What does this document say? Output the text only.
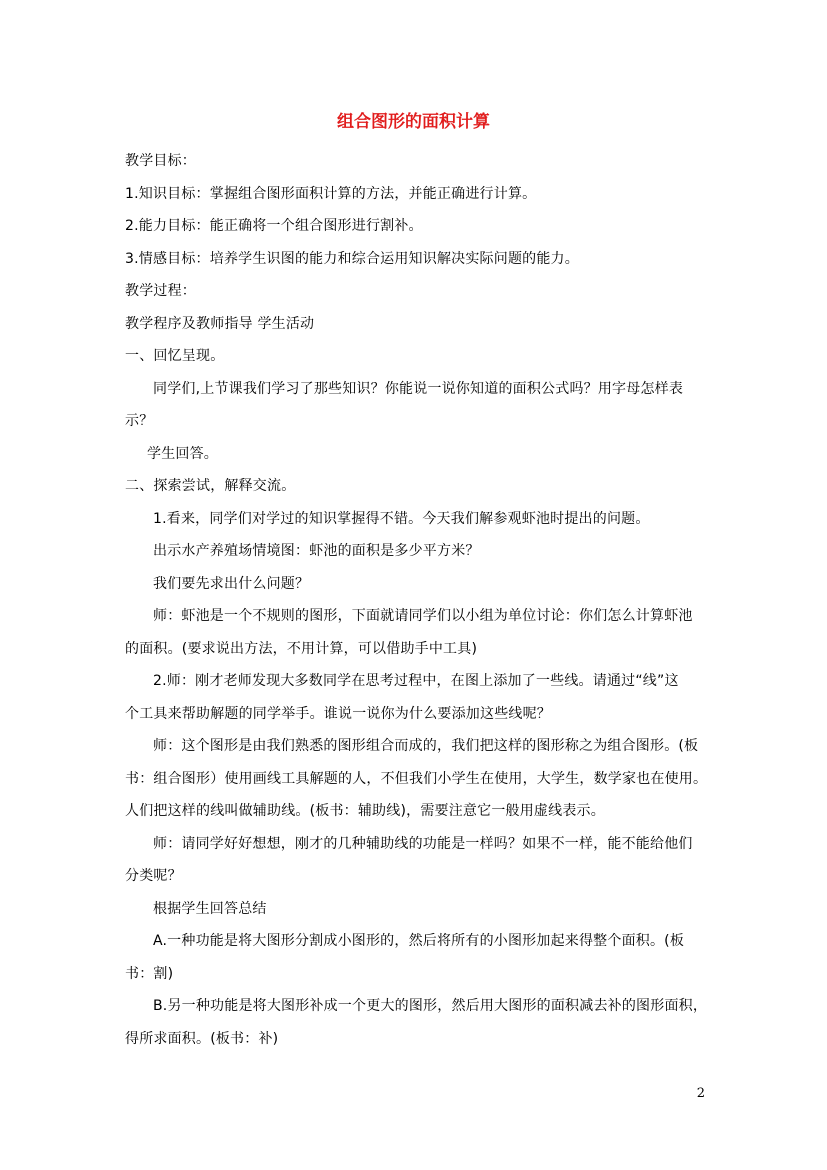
组合图形的面积计算
教学目标：
1.知识目标：掌握组合图形面积计算的方法，并能正确进行计算。
2.能力目标：能正确将一个组合图形进行割补。
3.情感目标：培养学生识图的能力和综合运用知识解决实际问题的能力。
教学过程：
教学程序及教师指导 学生活动
一、回忆呈现。
同学们,上节课我们学习了那些知识？你能说一说你知道的面积公式吗？用字母怎样表
示？
学生回答。
二、探索尝试，解释交流。
1.看来，同学们对学过的知识掌握得不错。今天我们解参观虾池时提出的问题。
出示水产养殖场情境图：虾池的面积是多少平方米？
我们要先求出什么问题？
师：虾池是一个不规则的图形，下面就请同学们以小组为单位讨论：你们怎么计算虾池
的面积。(要求说出方法，不用计算，可以借助手中工具)
2.师：刚才老师发现大多数同学在思考过程中，在图上添加了一些线。请通过“线”这
个工具来帮助解题的同学举手。谁说一说你为什么要添加这些线呢？
师：这个图形是由我们熟悉的图形组合而成的，我们把这样的图形称之为组合图形。(板
书：组合图形）使用画线工具解题的人，不但我们小学生在使用，大学生，数学家也在使用。
人们把这样的线叫做辅助线。(板书：辅助线)，需要注意它一般用虚线表示。
师：请同学好好想想，刚才的几种辅助线的功能是一样吗？如果不一样，能不能给他们
分类呢？
根据学生回答总结
A.一种功能是将大图形分割成小图形的，然后将所有的小图形加起来得整个面积。(板
书：割)
B.另一种功能是将大图形补成一个更大的图形，然后用大图形的面积减去补的图形面积，
得所求面积。(板书：补)
2
